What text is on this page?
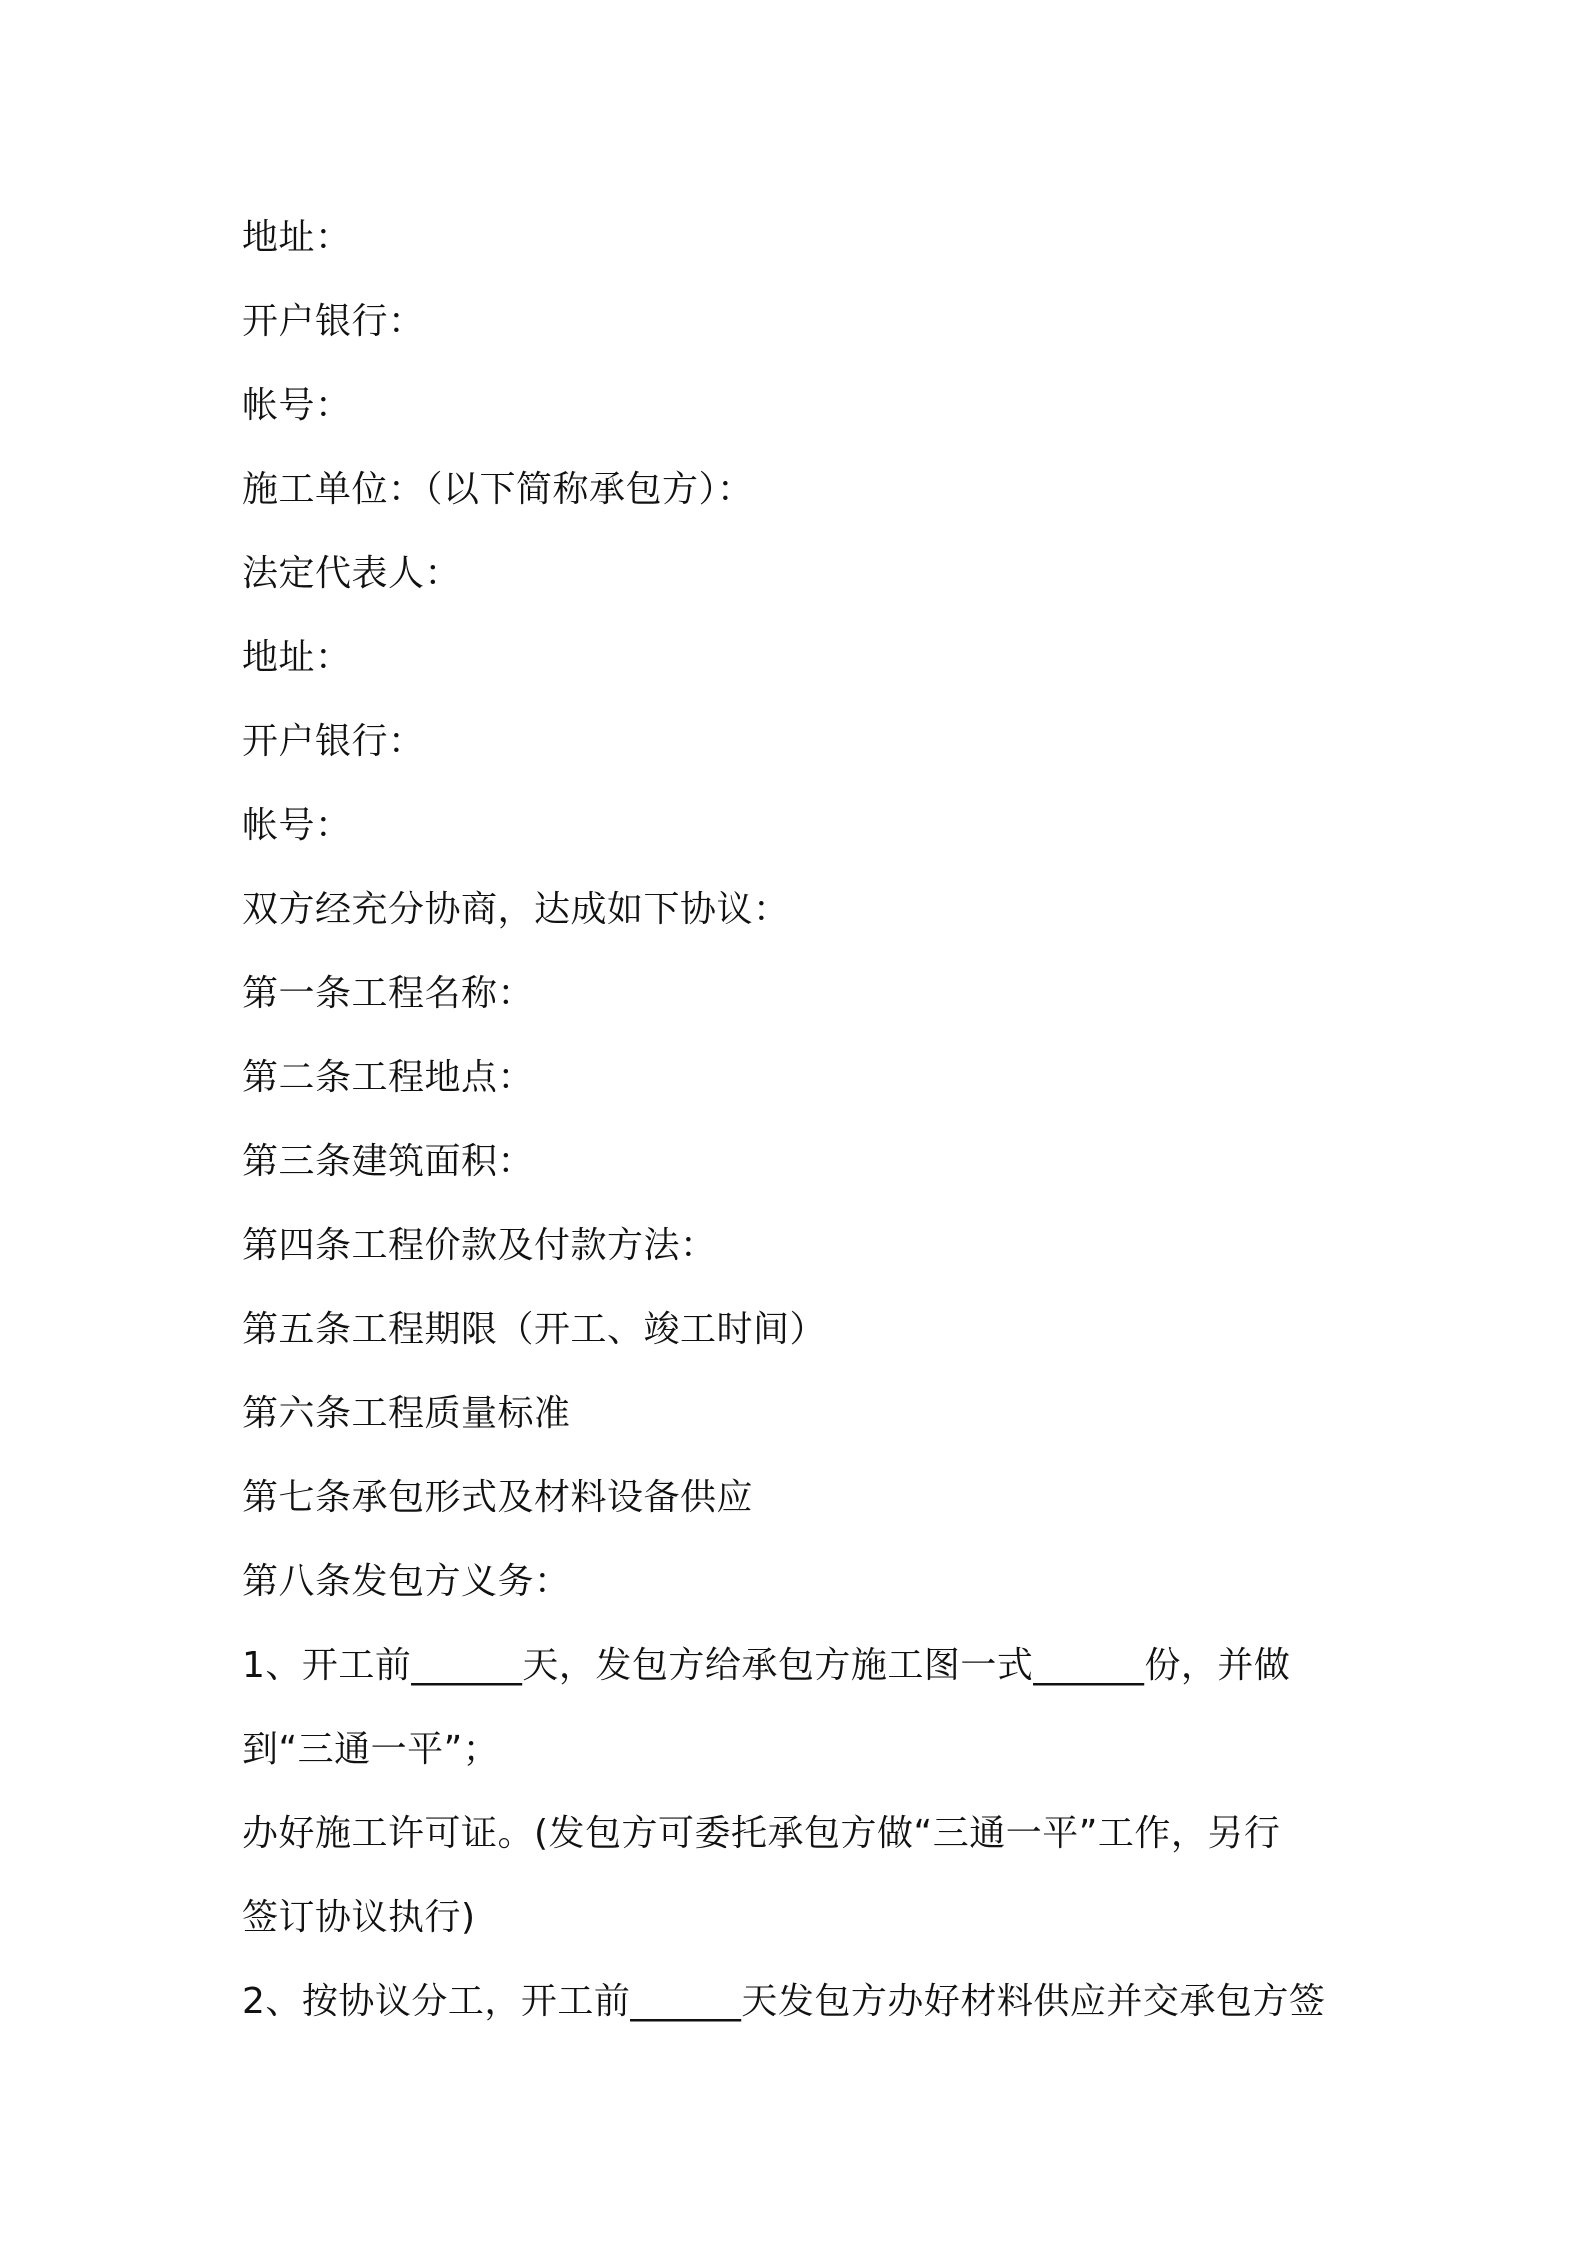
地址：
开户银行：
帐号：
施工单位：（以下简称承包方）：
法定代表人：
地址：
开户银行：
帐号：
双方经充分协商，达成如下协议：
第一条工程名称：
第二条工程地点：
第三条建筑面积：
第四条工程价款及付款方法：
第五条工程期限（开工、竣工时间）
第六条工程质量标准
第七条承包形式及材料设备供应
第八条发包方义务：
1、开工前______天，发包方给承包方施工图一式______份，并做
到“三通一平”；
办好施工许可证。(发包方可委托承包方做“三通一平”工作，另行
签订协议执行)
2、按协议分工，开工前______天发包方办好材料供应并交承包方签
